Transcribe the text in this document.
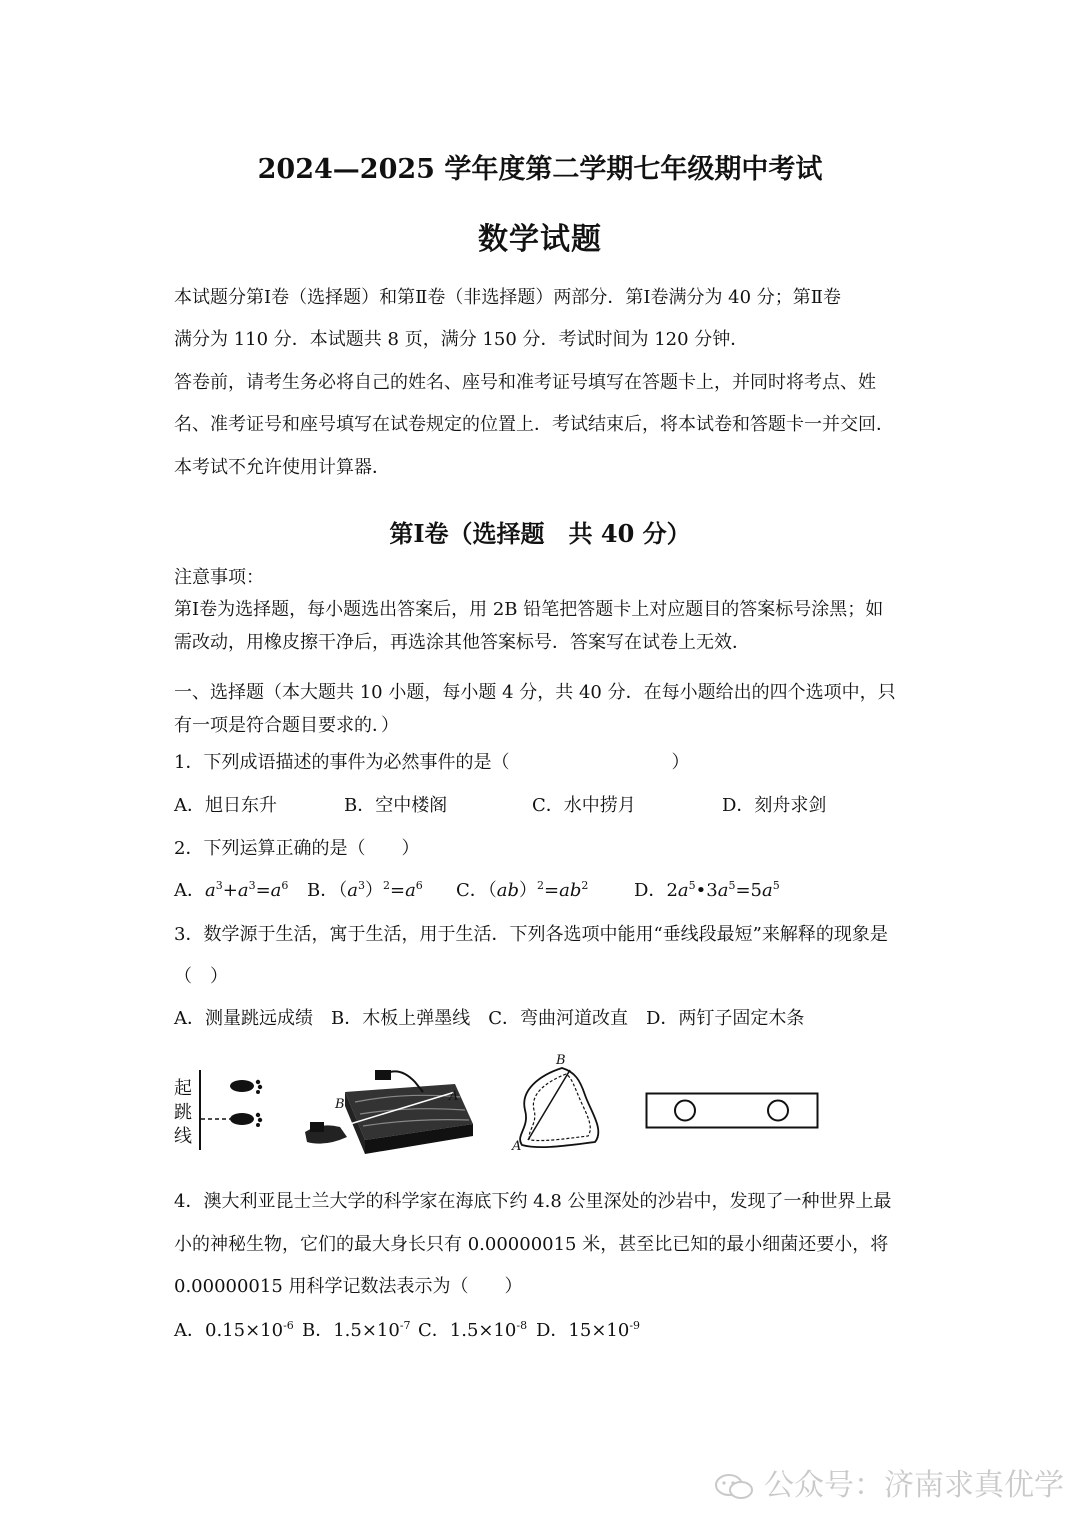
2024—2025 学年度第二学期七年级期中考试
数学试题
本试题分第Ⅰ卷（选择题）和第Ⅱ卷（非选择题）两部分．第Ⅰ卷满分为 40 分；第Ⅱ卷
满分为 110 分．本试题共 8 页，满分 150 分．考试时间为 120 分钟．
答卷前，请考生务必将自己的姓名、座号和准考证号填写在答题卡上，并同时将考点、姓
名、准考证号和座号填写在试卷规定的位置上．考试结束后，将本试卷和答题卡一并交回．
本考试不允许使用计算器．
第Ⅰ卷（选择题　共 40 分）
注意事项：
第Ⅰ卷为选择题，每小题选出答案后，用 2B 铅笔把答题卡上对应题目的答案标号涂黑；如
需改动，用橡皮擦干净后，再选涂其他答案标号．答案写在试卷上无效．
一、选择题（本大题共 10 小题，每小题 4 分，共 40 分．在每小题给出的四个选项中，只
有一项是符合题目要求的．）
1．下列成语描述的事件为必然事件的是（　　　　　　　　　）
A．旭日东升	B．空中楼阁	C．水中捞月	D．刻舟求剑
2．下列运算正确的是（　　）
A．$a^3+a^3=a^6$ B．$(a^3)^2=a^6$ C．$(ab)^2=ab^2$	D．$2a^5•3a^5=5a^5$
3．数学源于生活，寓于生活，用于生活．下列各选项中能用“垂线段最短”来解释的现象是
（　）
A．测量跳远成绩　B．木板上弹墨线　C．弯曲河道改直　D．两钉子固定木条
起
跳
线
B
A
B
A
4．澳大利亚昆士兰大学的科学家在海底下约 4.8 公里深处的沙岩中，发现了一种世界上最
小的神秘生物，它们的最大身长只有 0.00000015 米，甚至比已知的最小细菌还要小，将
0.00000015 用科学记数法表示为（　　）
A．$0.15\times 10^{-6}$ B．$1.5\times 10^{-7}$ C．$1.5\times 10^{-8}$ D．$15\times 10^{-9}$
公众号：济南求真优学
